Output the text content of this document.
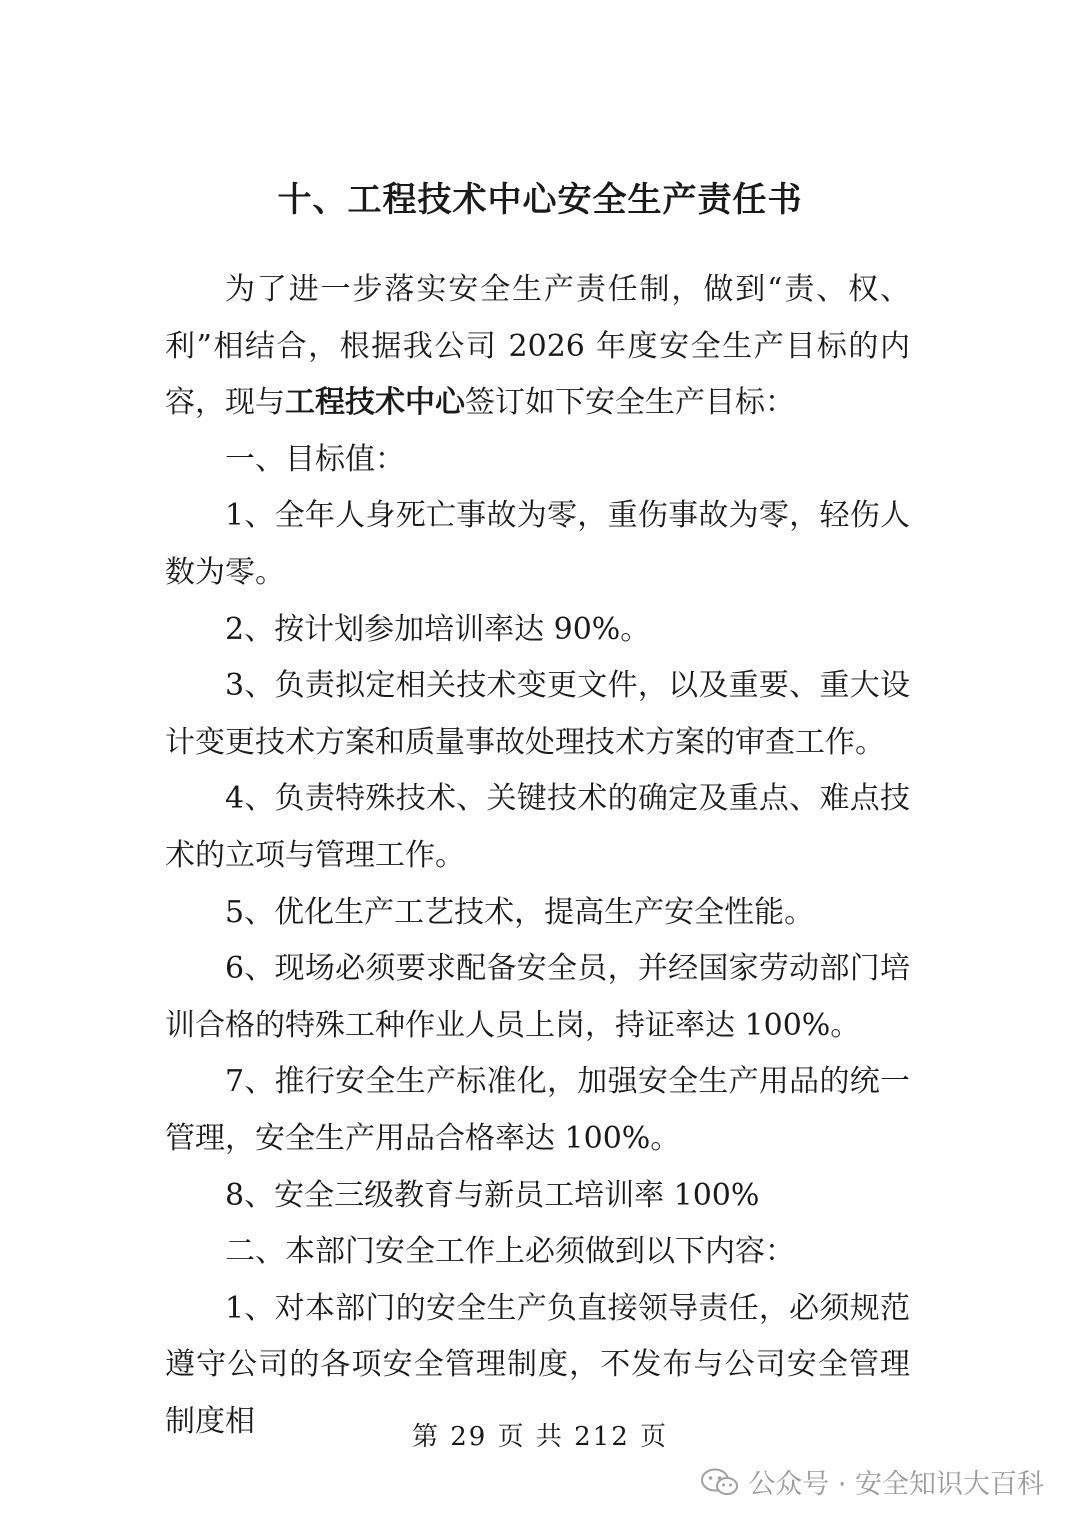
十、工程技术中心安全生产责任书

为了进一步落实安全生产责任制，做到“责、权、利”相结合，根据我公司 2026 年度安全生产目标的内容，现与工程技术中心签订如下安全生产目标：

一、目标值：

1、全年人身死亡事故为零，重伤事故为零，轻伤人数为零。

2、按计划参加培训率达 90%。

3、负责拟定相关技术变更文件，以及重要、重大设计变更技术方案和质量事故处理技术方案的审查工作。

4、负责特殊技术、关键技术的确定及重点、难点技术的立项与管理工作。

5、优化生产工艺技术，提高生产安全性能。

6、现场必须要求配备安全员，并经国家劳动部门培训合格的特殊工种作业人员上岗，持证率达 100%。

7、推行安全生产标准化，加强安全生产用品的统一管理，安全生产用品合格率达 100%。

8、安全三级教育与新员工培训率 100%

二、本部门安全工作上必须做到以下内容：

1、对本部门的安全生产负直接领导责任，必须规范遵守公司的各项安全管理制度，不发布与公司安全管理制度相	第 29 页 共 212 页
公众号 · 安全知识大百科
